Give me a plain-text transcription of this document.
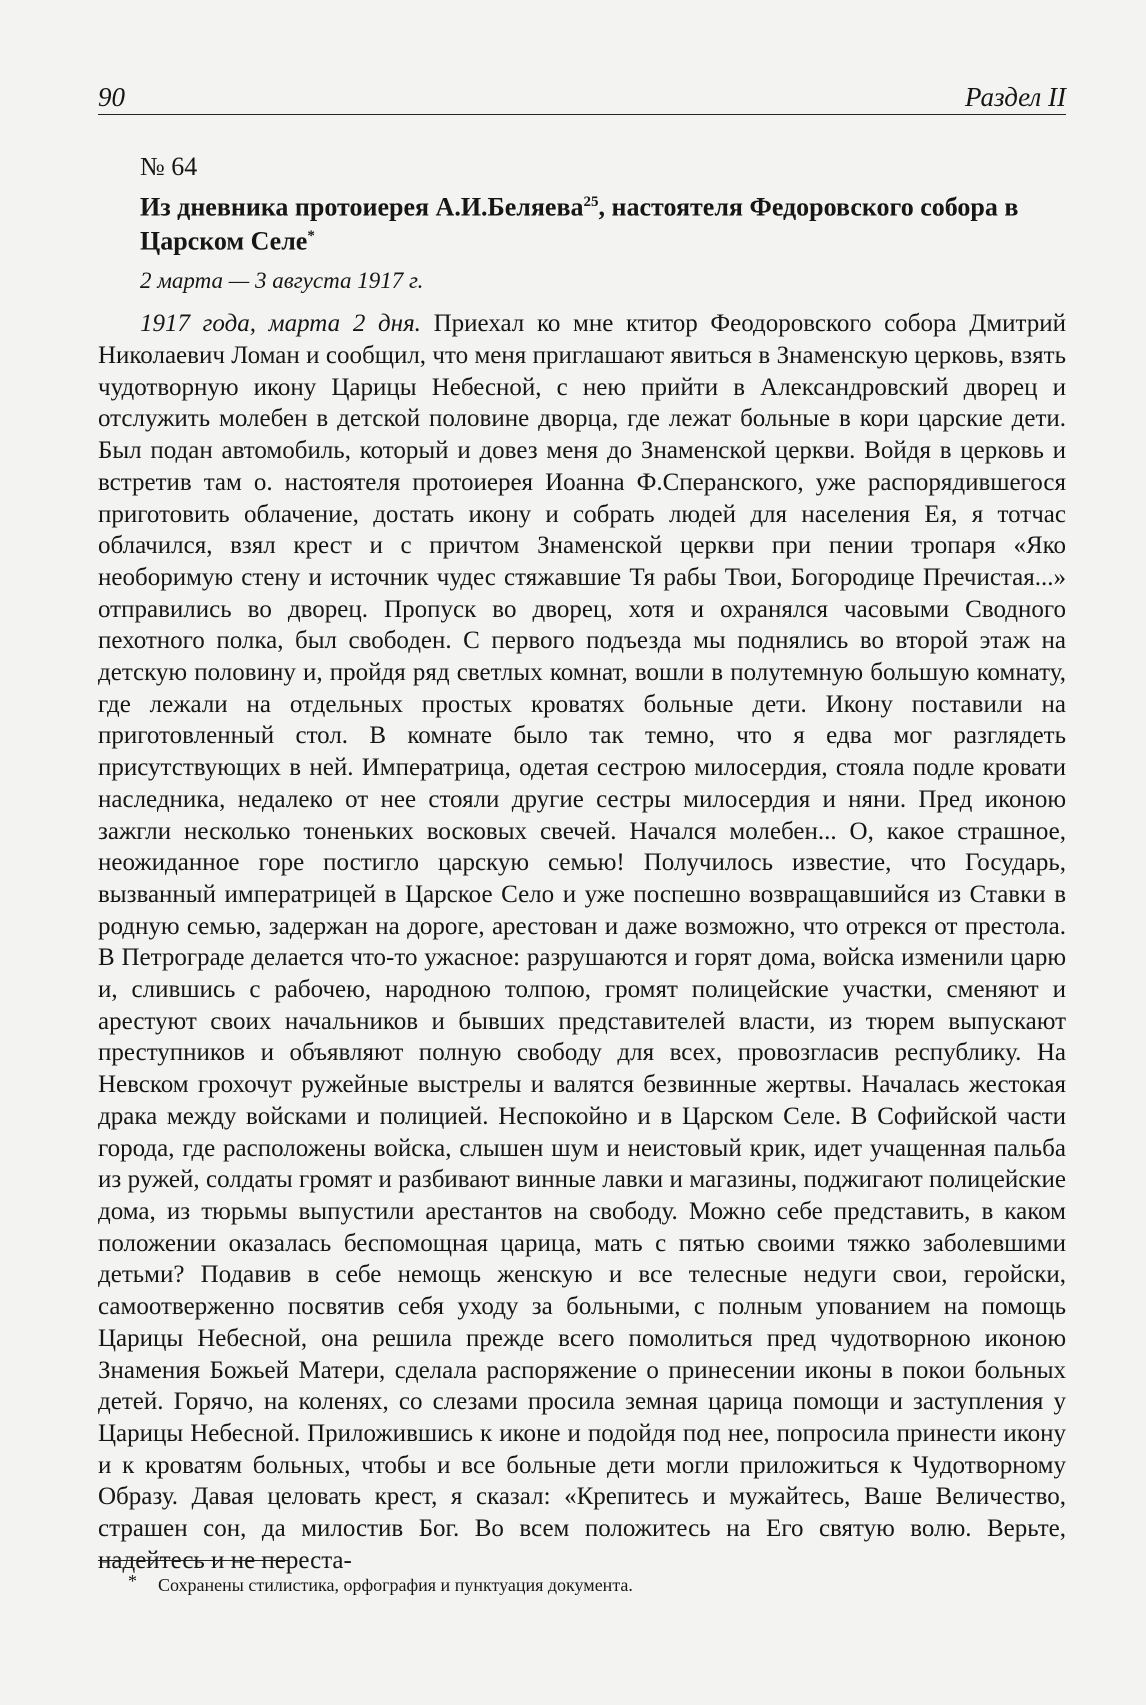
90	Раздел II
№ 64
Из дневника протоиерея А.И.Беляева$^{25}$, настоятеля Федоровского собора в Царском Селе*
2 марта — 3 августа 1917 г.

1917 года, марта 2 дня. Приехал ко мне ктитор Феодоровского собора Дмитрий Николаевич Ломан и сообщил, что меня приглашают явиться в Знаменскую церковь, взять чудотворную икону Царицы Небесной, с нею прийти в Александровский дворец и отслужить молебен в детской половине дворца, где лежат больные в кори царские дети. Был подан автомобиль, который и довез меня до Знаменской церкви. Войдя в церковь и встретив там о. настоятеля протоиерея Иоанна Ф.Сперанского, уже распорядившегося приготовить облачение, достать икону и собрать людей для населения Ея, я тотчас облачился, взял крест и с причтом Знаменской церкви при пении тропаря «Яко необоримую стену и источник чудес стяжавшие Тя рабы Твои, Богородице Пречистая...» отправились во дворец. Пропуск во дворец, хотя и охранялся часовыми Сводного пехотного полка, был свободен. С первого подъезда мы поднялись во второй этаж на детскую половину и, пройдя ряд светлых комнат, вошли в полутемную большую комнату, где лежали на отдельных простых кроватях больные дети. Икону поставили на приготовленный стол. В комнате было так темно, что я едва мог разглядеть присутствующих в ней. Императрица, одетая сестрою милосердия, стояла подле кровати наследника, недалеко от нее стояли другие сестры милосердия и няни. Пред иконою зажгли несколько тоненьких восковых свечей. Начался молебен... О, какое страшное, неожиданное горе постигло царскую семью! Получилось известие, что Государь, вызванный императрицей в Царское Село и уже поспешно возвращавшийся из Ставки в родную семью, задержан на дороге, арестован и даже возможно, что отрекся от престола. В Петрограде делается что-то ужасное: разрушаются и горят дома, войска изменили царю и, слившись с рабочею, народною толпою, громят полицейские участки, сменяют и арестуют своих начальников и бывших представителей власти, из тюрем выпускают преступников и объявляют полную свободу для всех, провозгласив республику. На Невском грохочут ружейные выстрелы и валятся безвинные жертвы. Началась жестокая драка между войсками и полицией. Неспокойно и в Царском Селе. В Софийской части города, где расположены войска, слышен шум и неистовый крик, идет учащенная пальба из ружей, солдаты громят и разбивают винные лавки и магазины, поджигают полицейские дома, из тюрьмы выпустили арестантов на свободу. Можно себе представить, в каком положении оказалась беспомощная царица, мать с пятью своими тяжко заболевшими детьми? Подавив в себе немощь женскую и все телесные недуги свои, геройски, самоотверженно посвятив себя уходу за больными, с полным упованием на помощь Царицы Небесной, она решила прежде всего помолиться пред чудотворною иконою Знамения Божьей Матери, сделала распоряжение о принесении иконы в покои больных детей. Горячо, на коленях, со слезами просила земная царица помощи и заступления у Царицы Небесной. Приложившись к иконе и подойдя под нее, попросила принести икону и к кроватям больных, чтобы и все больные дети могли приложиться к Чудотворному Образу. Давая целовать крест, я сказал: «Крепитесь и мужайтесь, Ваше Величество, страшен сон, да милостив Бог. Во всем положитесь на Его святую волю. Верьте, надейтесь и не переста-

* Сохранены стилистика, орфография и пунктуация документа.
